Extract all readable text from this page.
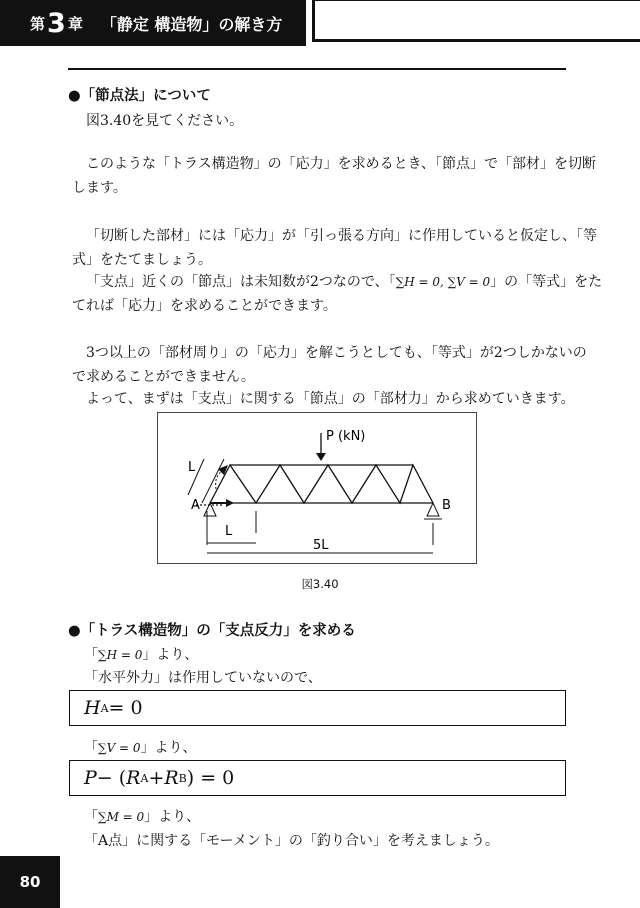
第 3 章 「静定 構造物」の解き方
●「節点法」について
図3.40を見てください。
このような「トラス構造物」の「応力」を求めるとき、「節点」で「部材」を切断
します。
「切断した部材」には「応力」が「引っ張る方向」に作用していると仮定し、「等
式」をたてましょう。
「支点」近くの「節点」は未知数が2つなので、「∑H = 0, ∑V = 0」の「等式」をた
てれば「応力」を求めることができます。
3つ以上の「部材周り」の「応力」を解こうとしても、「等式」が2つしかないの
で求めることができません。
よって、まずは「支点」に関する「節点」の「部材力」から求めていきます。
P (kN)
L
A	B
L
5L
図3.40
●「トラス構造物」の「支点反力」を求める
「∑H = 0」より、
「水平外力」は作用していないので、
H A = 0
「∑V = 0」より、
P − ( R A + R B ) = 0
「∑M = 0」より、
「A点」に関する「モーメント」の「釣り合い」を考えましょう。
80
